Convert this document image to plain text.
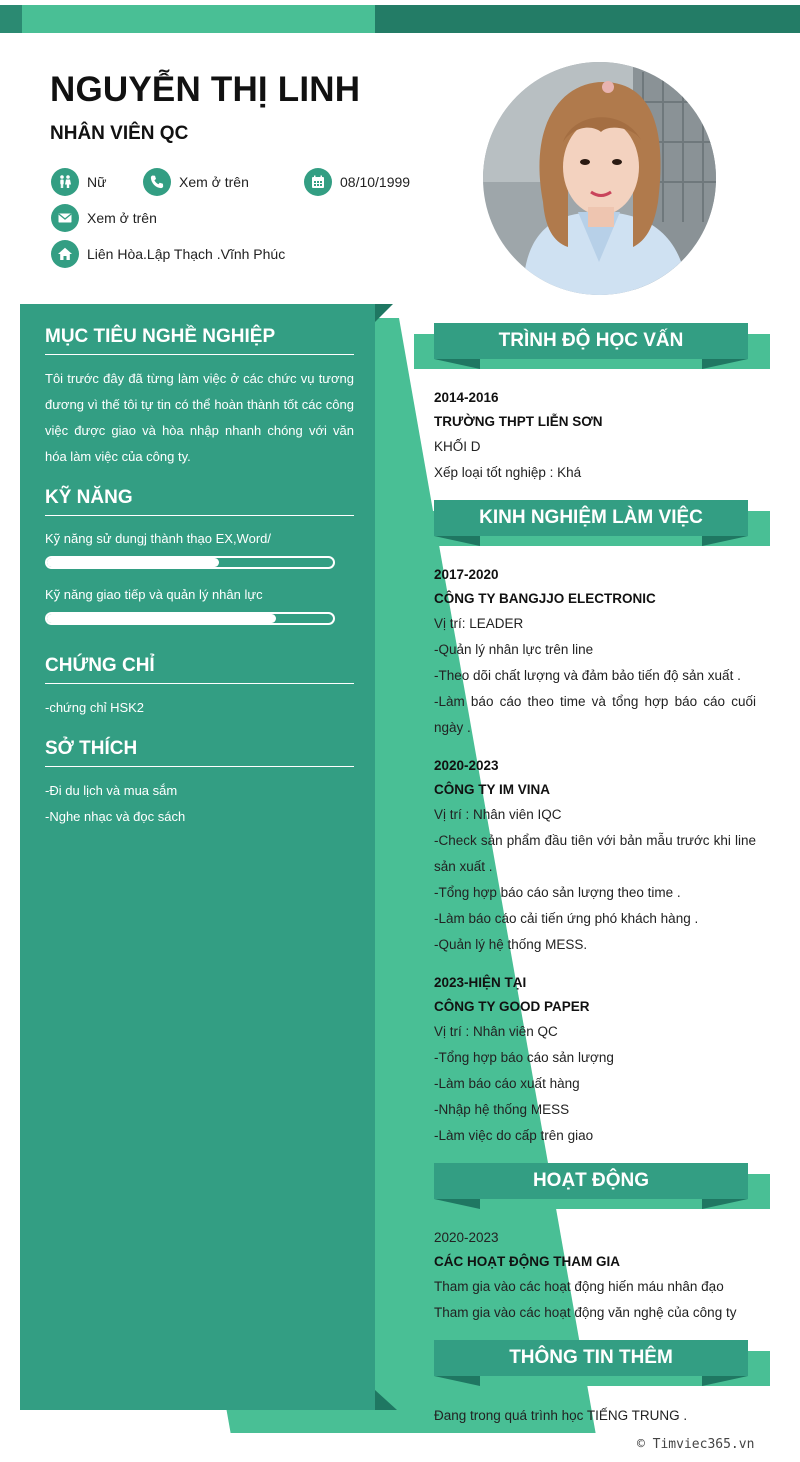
NGUYỄN THỊ LINH
NHÂN VIÊN QC
Nữ	Xem ở trên	08/10/1999
Xem ở trên
Liên Hòa.Lập Thạch .Vĩnh Phúc
MỤC TIÊU NGHỀ NGHIỆP
Tôi trước đây đã từng làm việc ở các chức vụ tương đương vì thế tôi tự tin có thể hoàn thành tốt các công việc được giao và hòa nhập nhanh chóng với văn hóa làm việc của công ty.
KỸ NĂNG
Kỹ năng sử dungj thành thạo EX,Word/
Kỹ năng giao tiếp và quản lý nhân lực
CHỨNG CHỈ
-chứng chỉ HSK2
SỞ THÍCH
-Đi du lịch và mua sắm
-Nghe nhạc và đọc sách
TRÌNH ĐỘ HỌC VẤN
2014-2016
TRƯỜNG THPT LIỄN SƠN
KHỐI D
Xếp loại tốt nghiệp : Khá
KINH NGHIỆM LÀM VIỆC
2017-2020
CÔNG TY BANGJJO ELECTRONIC
Vị trí: LEADER
-Quản lý nhân lực trên line
-Theo dõi chất lượng và đảm bảo tiến độ sản xuất .
-Làm báo cáo theo time và tổng hợp báo cáo cuối ngày .
2020-2023
CÔNG TY IM VINA
Vị trí : Nhân viên IQC
-Check sản phẩm đầu tiên với bản mẫu trước khi line sản xuất .
-Tổng hợp báo cáo sản lượng theo time .
-Làm báo cáo cải tiến ứng phó khách hàng .
-Quản lý hệ thống MESS.
2023-HIỆN TẠI
CÔNG TY GOOD PAPER
Vị trí : Nhân viên QC
-Tổng hợp báo cáo sản lượng
-Làm báo cáo xuất hàng
-Nhập hệ thống MESS
-Làm việc do cấp trên giao
HOẠT ĐỘNG
2020-2023
CÁC HOẠT ĐỘNG THAM GIA
Tham gia vào các hoạt động hiến máu nhân đạo
Tham gia vào các hoạt động văn nghệ của công ty
THÔNG TIN THÊM
Đang trong quá trình học TIẾNG TRUNG .
© Timviec365.vn
